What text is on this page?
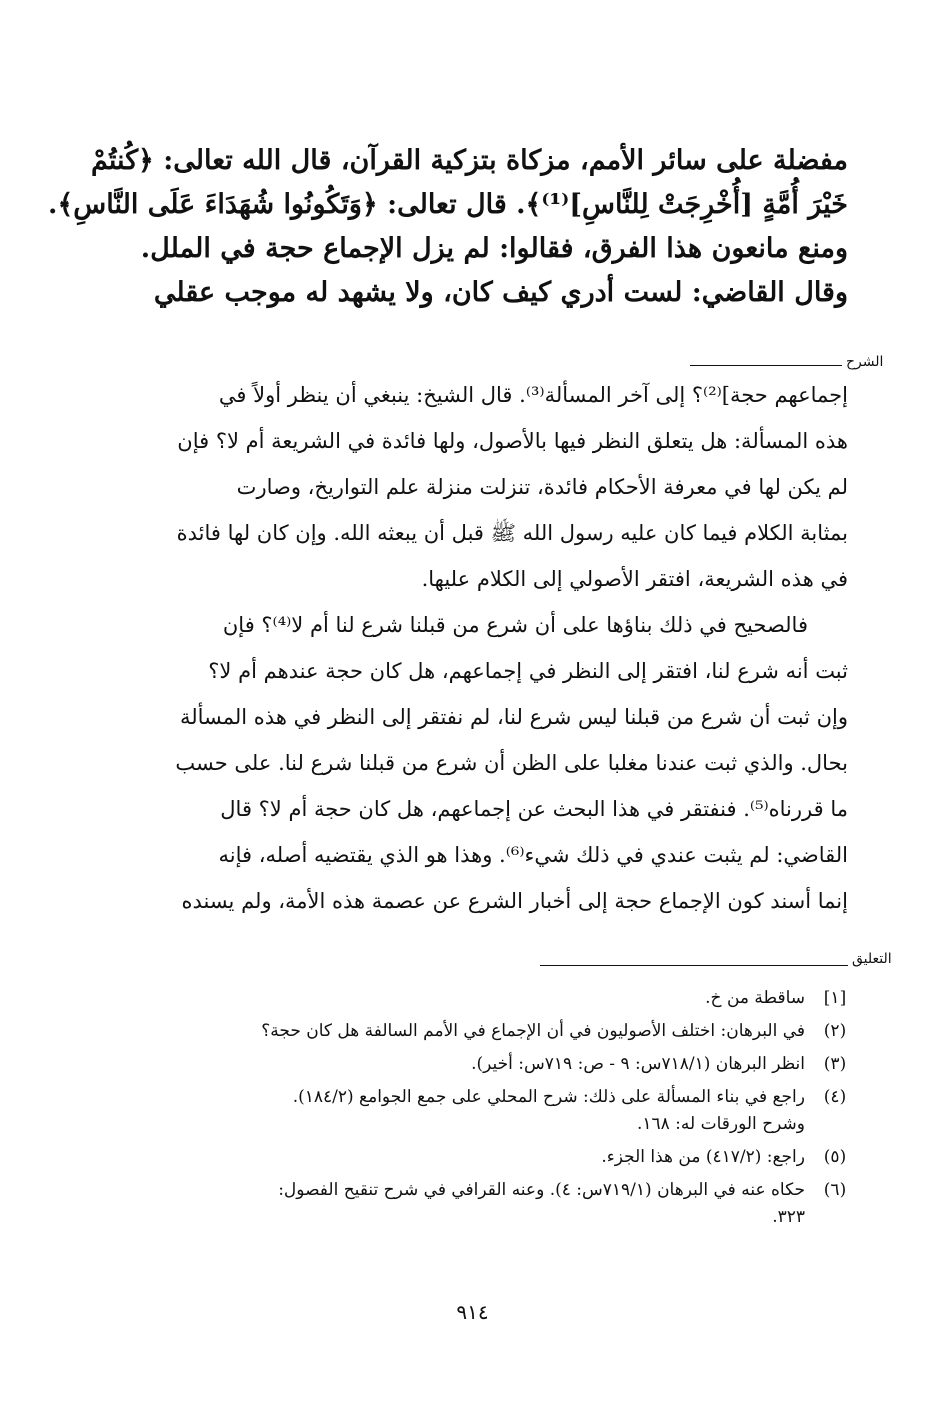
مفضلة على سائر الأمم، مزكاة بتزكية القرآن، قال الله تعالى: ﴿كُنتُمْ
خَيْرَ أُمَّةٍ [أُخْرِجَتْ لِلنَّاسِ]⁽¹⁾﴾. قال تعالى: ﴿وَتَكُونُوا شُهَدَاءَ عَلَى النَّاسِ﴾.
ومنع مانعون هذا الفرق، فقالوا: لم يزل الإجماع حجة في الملل.
وقال القاضي: لست أدري كيف كان، ولا يشهد له موجب عقلي
الشرح
إجماعهم حجة]⁽²⁾؟ إلى آخر المسألة⁽³⁾. قال الشيخ: ينبغي أن ينظر أولاً في
هذه المسألة: هل يتعلق النظر فيها بالأصول، ولها فائدة في الشريعة أم لا؟ فإن
لم يكن لها في معرفة الأحكام فائدة، تنزلت منزلة علم التواريخ، وصارت
بمثابة الكلام فيما كان عليه رسول الله ﷺ قبل أن يبعثه الله. وإن كان لها فائدة
في هذه الشريعة، افتقر الأصولي إلى الكلام عليها.
فالصحيح في ذلك بناؤها على أن شرع من قبلنا شرع لنا أم لا⁽⁴⁾؟ فإن
ثبت أنه شرع لنا، افتقر إلى النظر في إجماعهم، هل كان حجة عندهم أم لا؟
وإن ثبت أن شرع من قبلنا ليس شرع لنا، لم نفتقر إلى النظر في هذه المسألة
بحال. والذي ثبت عندنا مغلبا على الظن أن شرع من قبلنا شرع لنا. على حسب
ما قررناه⁽⁵⁾. فنفتقر في هذا البحث عن إجماعهم، هل كان حجة أم لا؟ قال
القاضي: لم يثبت عندي في ذلك شيء⁽⁶⁾. وهذا هو الذي يقتضيه أصله، فإنه
إنما أسند كون الإجماع حجة إلى أخبار الشرع عن عصمة هذه الأمة، ولم يسنده
التعليق
[١]
ساقطة من خ.
(٢)
في البرهان: اختلف الأصوليون في أن الإجماع في الأمم السالفة هل كان حجة؟
(٣)
انظر البرهان (٧١٨/١س: ٩ - ص: ٧١٩س: أخير).
(٤)
راجع في بناء المسألة على ذلك: شرح المحلي على جمع الجوامع (١٨٤/٢).
وشرح الورقات له: ١٦٨.
(٥)
راجع: (٤١٧/٢) من هذا الجزء.
(٦)
حكاه عنه في البرهان (٧١٩/١س: ٤). وعنه القرافي في شرح تنقيح الفصول:
٣٢٣.
٩١٤
